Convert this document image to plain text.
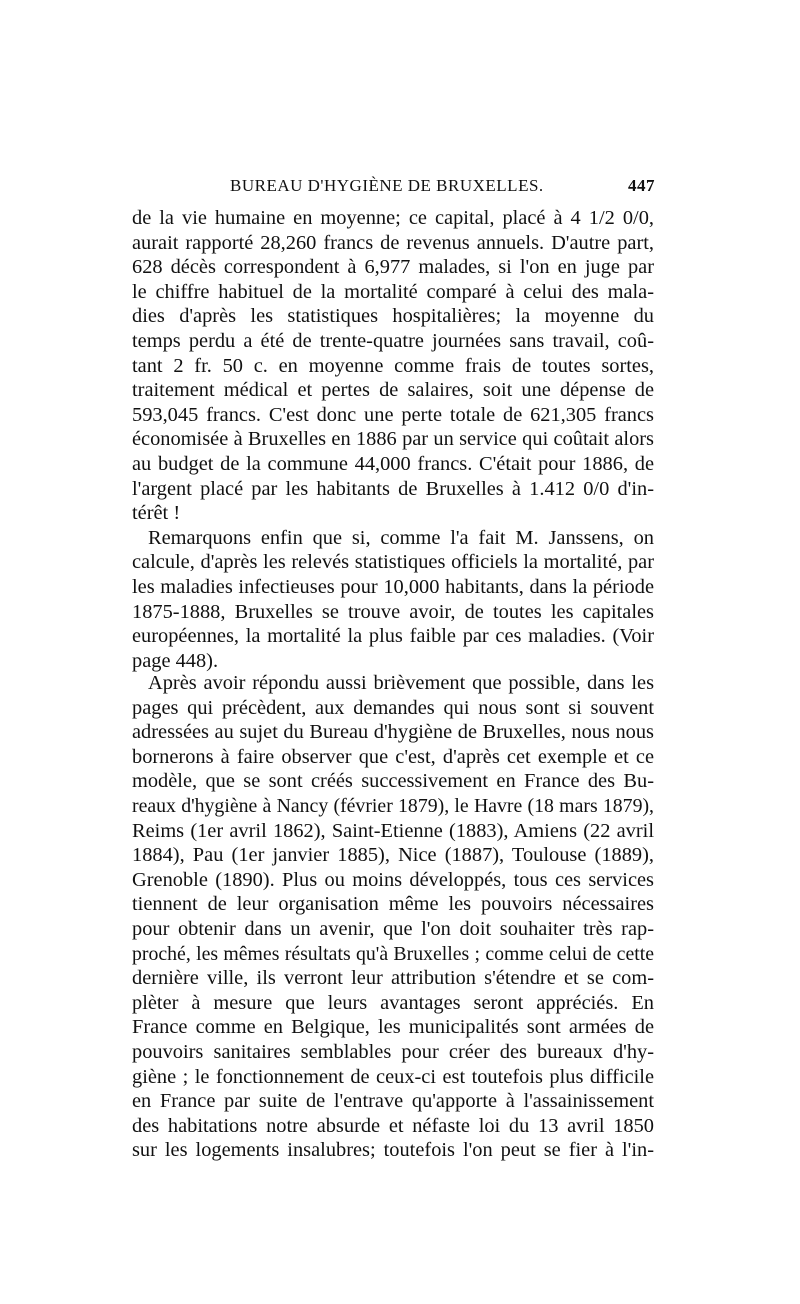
BUREAU D'HYGIÈNE DE BRUXELLES.	447
de la vie humaine en moyenne; ce capital, placé à 4 1/2 0/0,
aurait rapporté 28,260 francs de revenus annuels. D'autre part,
628 décès correspondent à 6,977 malades, si l'on en juge par
le chiffre habituel de la mortalité comparé à celui des mala-
dies d'après les statistiques hospitalières; la moyenne du
temps perdu a été de trente-quatre journées sans travail, coû-
tant 2 fr. 50 c. en moyenne comme frais de toutes sortes,
traitement médical et pertes de salaires, soit une dépense de
593,045 francs. C'est donc une perte totale de 621,305 francs
économisée à Bruxelles en 1886 par un service qui coûtait alors
au budget de la commune 44,000 francs. C'était pour 1886, de
l'argent placé par les habitants de Bruxelles à 1.412 0/0 d'in-
térêt !
Remarquons enfin que si, comme l'a fait M. Janssens, on
calcule, d'après les relevés statistiques officiels la mortalité, par
les maladies infectieuses pour 10,000 habitants, dans la période
1875-1888, Bruxelles se trouve avoir, de toutes les capitales
européennes, la mortalité la plus faible par ces maladies. (Voir
page 448).
Après avoir répondu aussi brièvement que possible, dans les
pages qui précèdent, aux demandes qui nous sont si souvent
adressées au sujet du Bureau d'hygiène de Bruxelles, nous nous
bornerons à faire observer que c'est, d'après cet exemple et ce
modèle, que se sont créés successivement en France des Bu-
reaux d'hygiène à Nancy (février 1879), le Havre (18 mars 1879),
Reims (1er avril 1862), Saint-Etienne (1883), Amiens (22 avril
1884), Pau (1er janvier 1885), Nice (1887), Toulouse (1889),
Grenoble (1890). Plus ou moins développés, tous ces services
tiennent de leur organisation même les pouvoirs nécessaires
pour obtenir dans un avenir, que l'on doit souhaiter très rap-
proché, les mêmes résultats qu'à Bruxelles ; comme celui de cette
dernière ville, ils verront leur attribution s'étendre et se com-
plèter à mesure que leurs avantages seront appréciés. En
France comme en Belgique, les municipalités sont armées de
pouvoirs sanitaires semblables pour créer des bureaux d'hy-
giène ; le fonctionnement de ceux-ci est toutefois plus difficile
en France par suite de l'entrave qu'apporte à l'assainissement
des habitations notre absurde et néfaste loi du 13 avril 1850
sur les logements insalubres; toutefois l'on peut se fier à l'in-
